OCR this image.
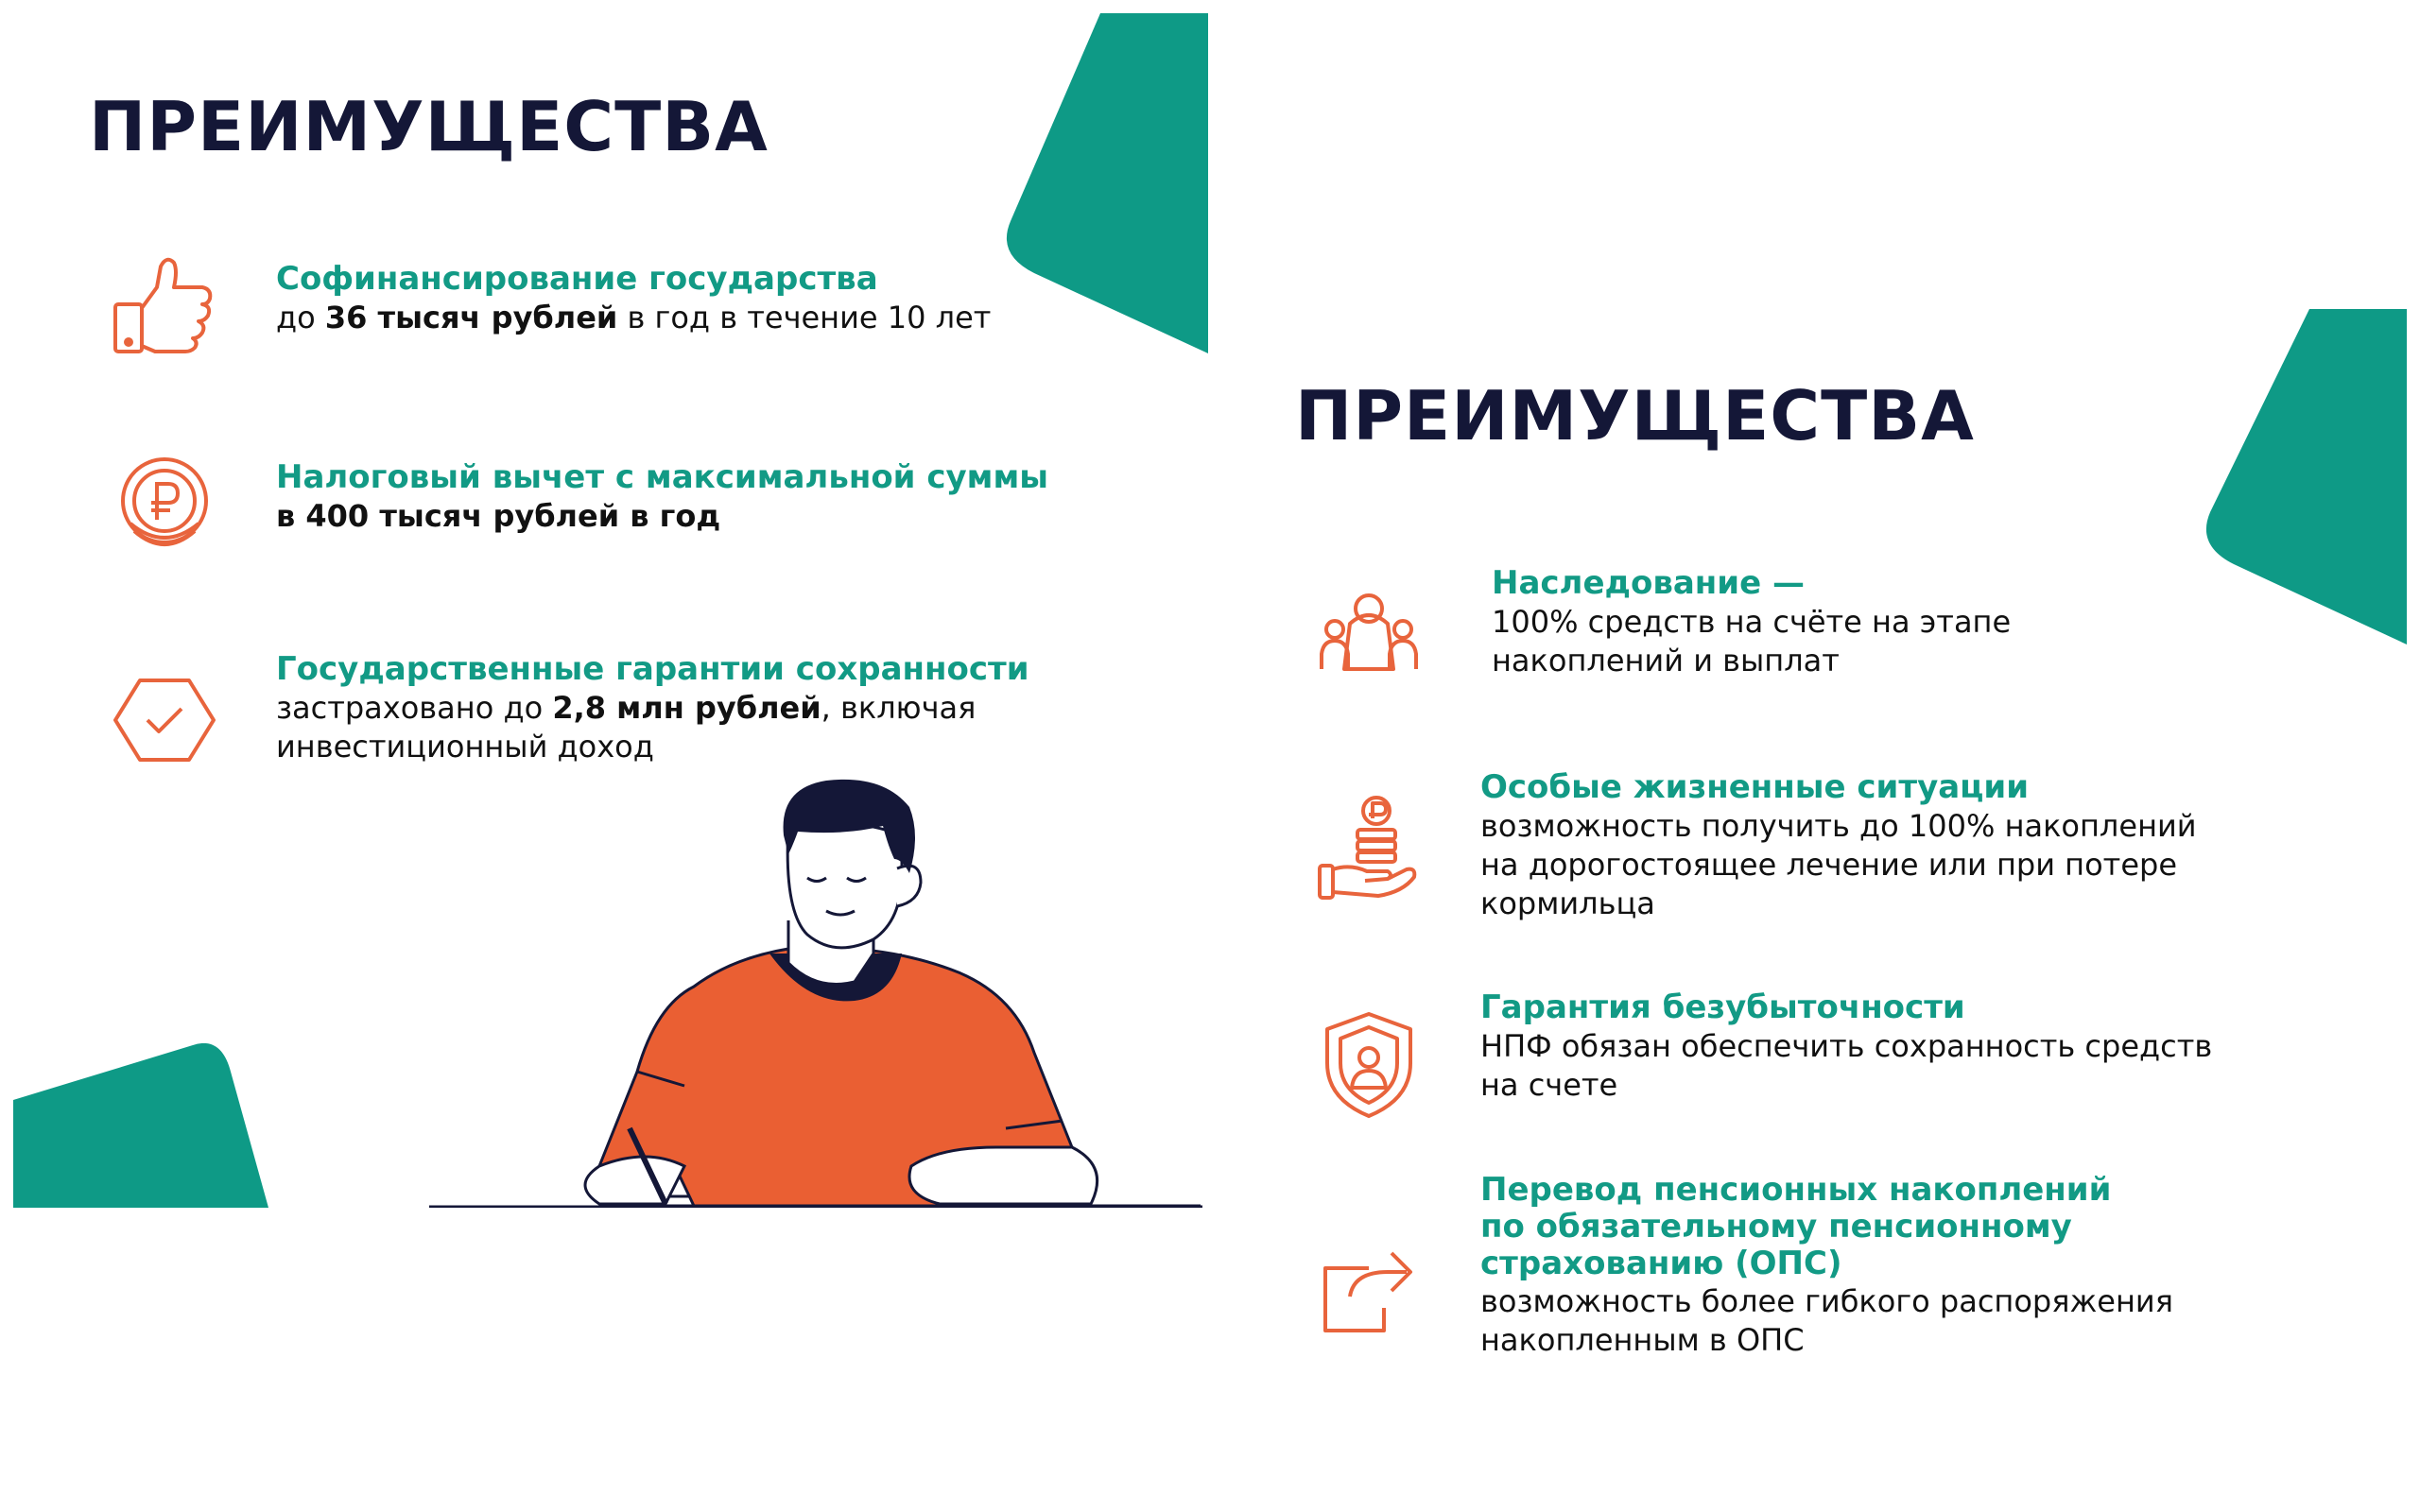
ПРЕИМУЩЕСТВА
Софинансирование государства
до 36 тысяч рублей в год в течение 10 лет
Налоговый вычет с максимальной суммы
в 400 тысяч рублей в год
Государственные гарантии сохранности
застраховано до 2,8 млн рублей, включая
инвестиционный доход
ПРЕИМУЩЕСТВА
Наследование —
100% средств на счёте на этапе
накоплений и выплат
Особые жизненные ситуации
возможность получить до 100% накоплений
на дорогостоящее лечение или при потере
кормильца
Гарантия безубыточности
НПФ обязан обеспечить сохранность средств
на счете
Перевод пенсионных накоплений
по обязательному пенсионному
страхованию (ОПС)
возможность более гибкого распоряжения
накопленным в ОПС
